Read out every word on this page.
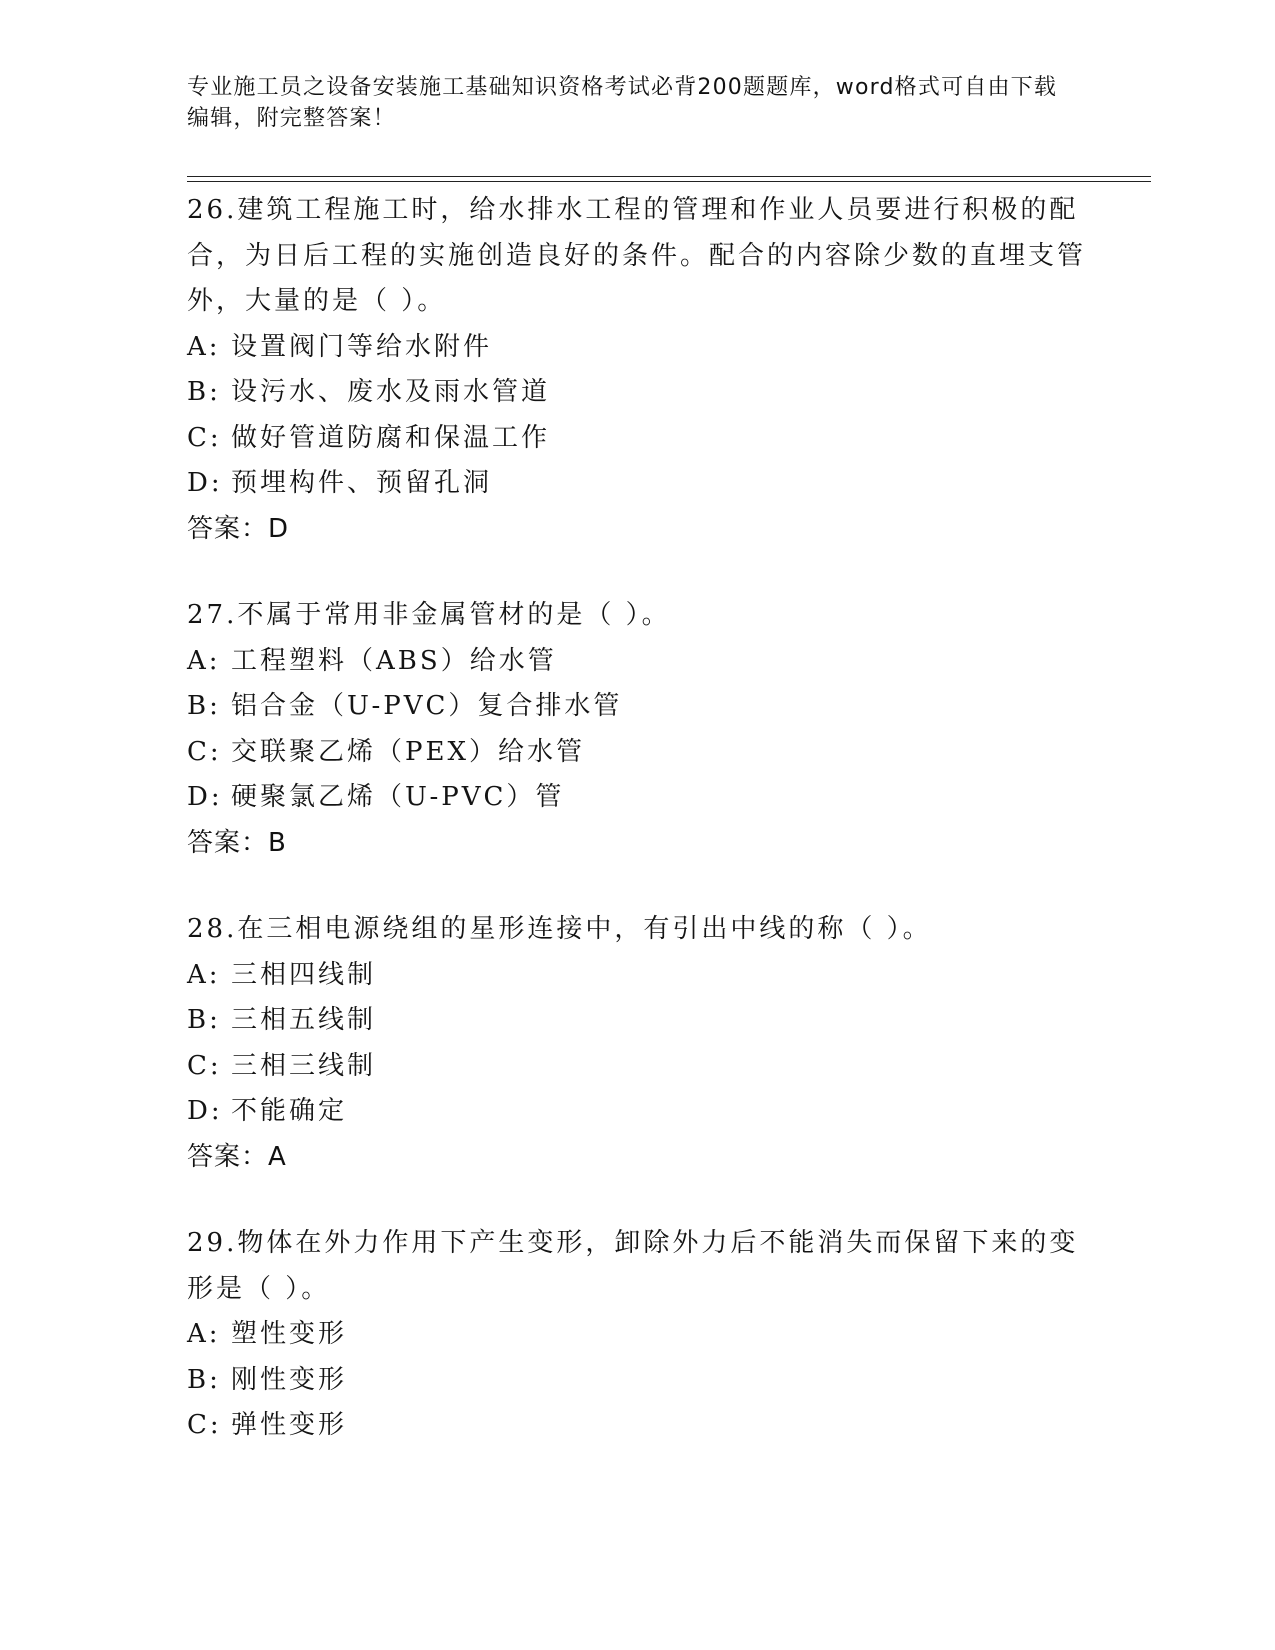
专业施工员之设备安装施工基础知识资格考试必背200题题库，word格式可自由下载编辑，附完整答案！

26.建筑工程施工时，给水排水工程的管理和作业人员要进行积极的配合，为日后工程的实施创造良好的条件。配合的内容除少数的直埋支管外，大量的是（ ）。

A: 设置阀门等给水附件

B: 设污水、废水及雨水管道

C: 做好管道防腐和保温工作

D: 预埋构件、预留孔洞

答案：D

27.不属于常用非金属管材的是（ ）。

A: 工程塑料（ABS）给水管

B: 铝合金（U-PVC）复合排水管

C: 交联聚乙烯（PEX）给水管

D: 硬聚氯乙烯（U-PVC）管

答案：B

28.在三相电源绕组的星形连接中，有引出中线的称（ ）。

A: 三相四线制

B: 三相五线制

C: 三相三线制

D: 不能确定

答案：A

29.物体在外力作用下产生变形，卸除外力后不能消失而保留下来的变形是（ ）。

A: 塑性变形

B: 刚性变形

C: 弹性变形
